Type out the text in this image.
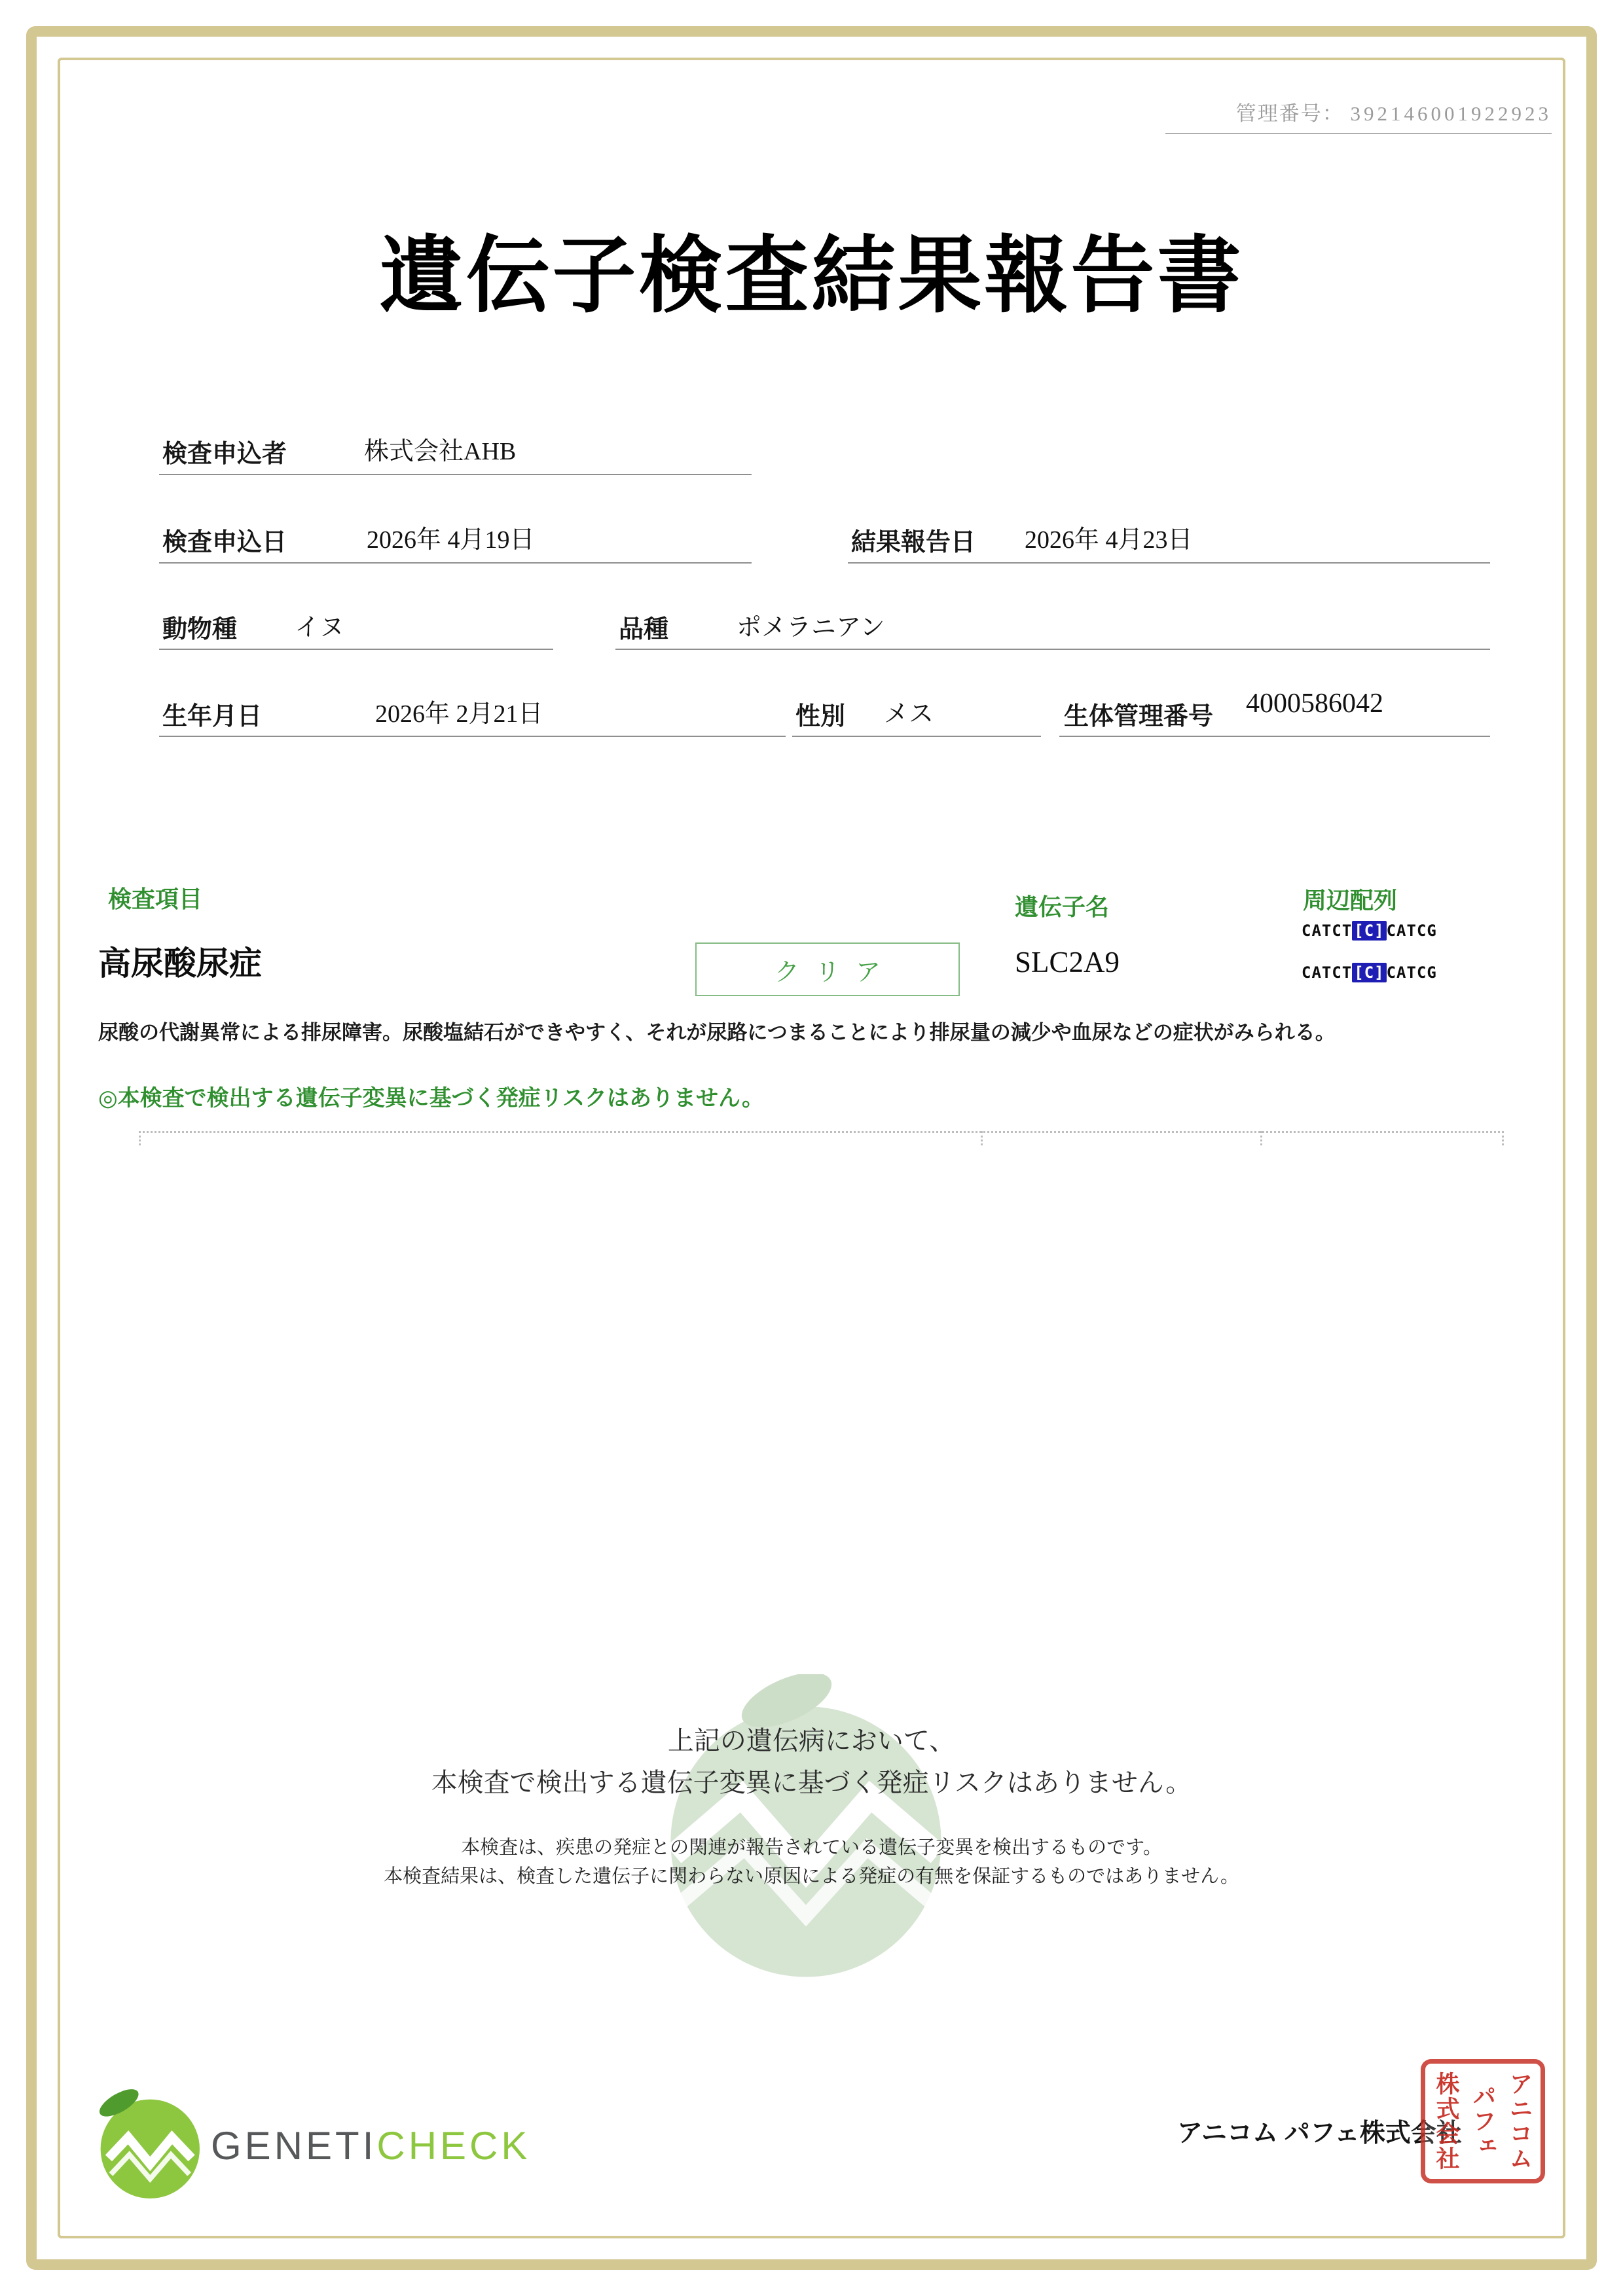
管理番号： 392146001922923
遺伝子検査結果報告書
検査申込者	株式会社AHB
検査申込日	2026年 4月19日	結果報告日 2026年 4月23日
動物種 イヌ	品種	ポメラニアン
生年月日	2026年 2月21日	性別 メス	生体管理番号 4000586042
検査項目	遺伝子名	周辺配列
高尿酸尿症	クリア	SLC2A9
CATCT [C] CATCG
CATCT [C] CATCG
尿酸の代謝異常による排尿障害。尿酸塩結石ができやすく、それが尿路につまることにより排尿量の減少や血尿などの症状がみられる。
◎本検査で検出する遺伝子変異に基づく発症リスクはありません。
上記の遺伝病において、
本検査で検出する遺伝子変異に基づく発症リスクはありません。
本検査は、疾患の発症との関連が報告されている遺伝子変異を検出するものです。
本検査結果は、検査した遺伝子に関わらない原因による発症の有無を保証するものではありません。
GENETICHECK	アニコム パフェ株式会社 アニコム
パフェ
株式会社
